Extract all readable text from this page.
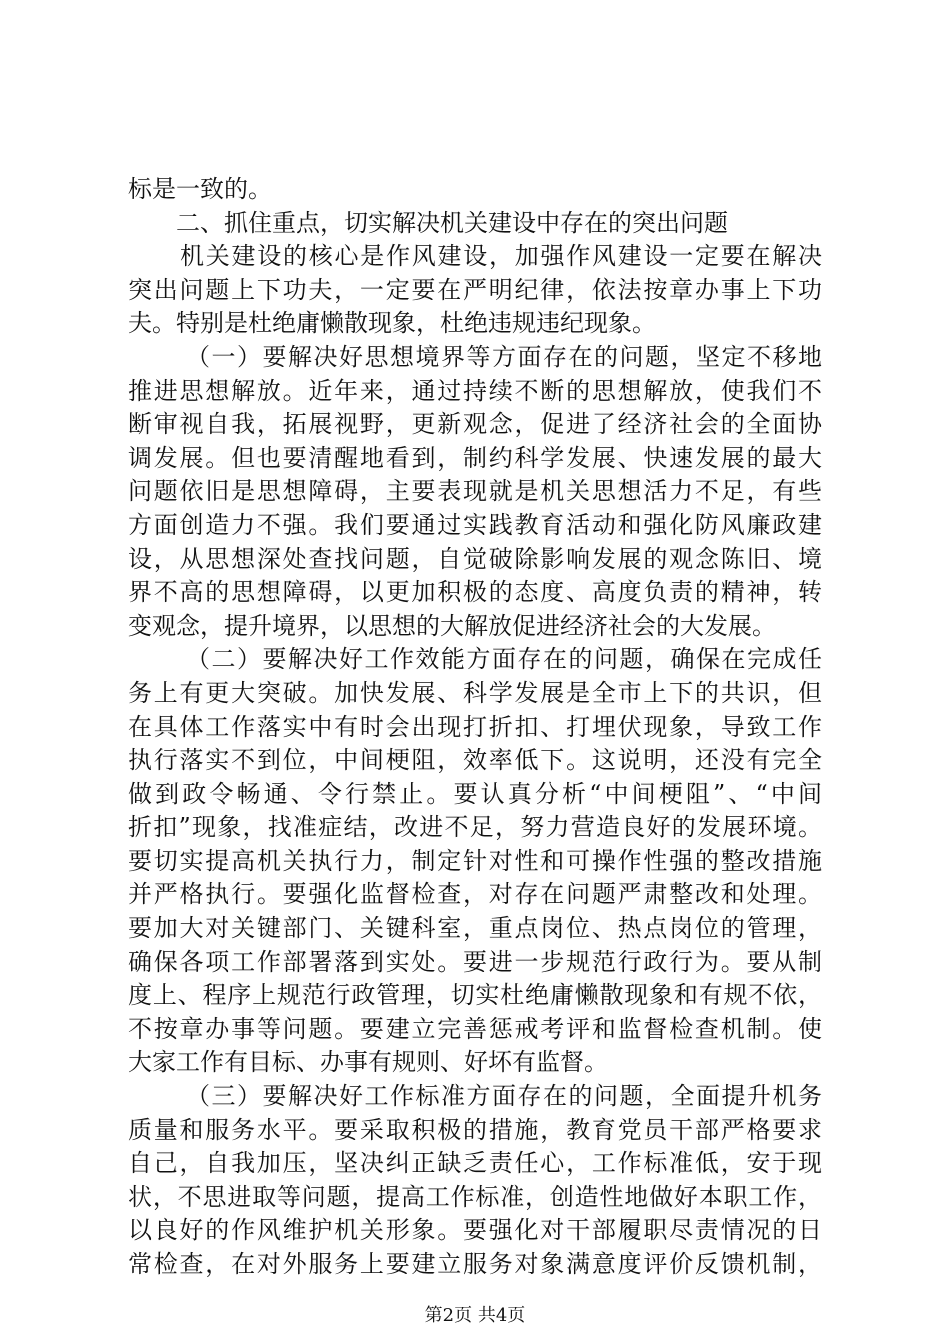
标是一致的。
二、抓住重点，切实解决机关建设中存在的突出问题
机关建设的核心是作风建设，加强作风建设一定要在解决
突出问题上下功夫，一定要在严明纪律，依法按章办事上下功
夫。特别是杜绝庸懒散现象，杜绝违规违纪现象。
（一）要解决好思想境界等方面存在的问题，坚定不移地
推进思想解放。近年来，通过持续不断的思想解放，使我们不
断审视自我，拓展视野，更新观念，促进了经济社会的全面协
调发展。但也要清醒地看到，制约科学发展、快速发展的最大
问题依旧是思想障碍，主要表现就是机关思想活力不足，有些
方面创造力不强。我们要通过实践教育活动和强化防风廉政建
设，从思想深处查找问题，自觉破除影响发展的观念陈旧、境
界不高的思想障碍，以更加积极的态度、高度负责的精神，转
变观念，提升境界，以思想的大解放促进经济社会的大发展。
（二）要解决好工作效能方面存在的问题，确保在完成任
务上有更大突破。加快发展、科学发展是全市上下的共识，但
在具体工作落实中有时会出现打折扣、打埋伏现象，导致工作
执行落实不到位，中间梗阻，效率低下。这说明，还没有完全
做到政令畅通、令行禁止。要认真分析“中间梗阻”、“中间
折扣”现象，找准症结，改进不足，努力营造良好的发展环境。
要切实提高机关执行力，制定针对性和可操作性强的整改措施
并严格执行。要强化监督检查，对存在问题严肃整改和处理。
要加大对关键部门、关键科室，重点岗位、热点岗位的管理，
确保各项工作部署落到实处。要进一步规范行政行为。要从制
度上、程序上规范行政管理，切实杜绝庸懒散现象和有规不依，
不按章办事等问题。要建立完善惩戒考评和监督检查机制。使
大家工作有目标、办事有规则、好坏有监督。
（三）要解决好工作标准方面存在的问题，全面提升机务
质量和服务水平。要采取积极的措施，教育党员干部严格要求
自己，自我加压，坚决纠正缺乏责任心，工作标准低，安于现
状，不思进取等问题，提高工作标准，创造性地做好本职工作，
以良好的作风维护机关形象。要强化对干部履职尽责情况的日
常检查，在对外服务上要建立服务对象满意度评价反馈机制，
第2页 共4页
